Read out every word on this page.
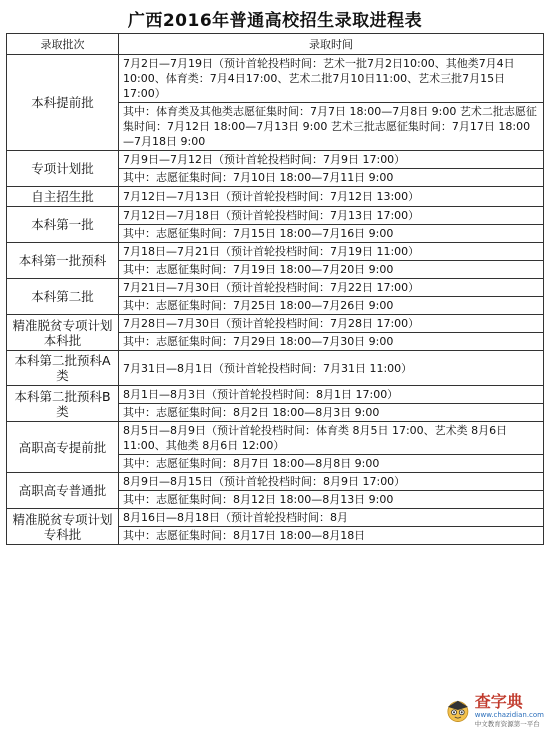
广西2016年普通高校招生录取进程表
录取批次	录取时间
本科提前批	7月2日—7月19日（预计首轮投档时间：艺术一批7月2日10:00、其他类7月4日10:00、体育类：7月4日17:00、艺术二批7月10日11:00、艺术三批7月15日17:00）
	其中：体育类及其他类志愿征集时间：7月7日 18:00—7月8日 9:00 艺术二批志愿征集时间：7月12日 18:00—7月13日 9:00 艺术三批志愿征集时间：7月17日 18:00—7月18日 9:00
专项计划批	7月9日—7月12日（预计首轮投档时间：7月9日 17:00）
	其中：志愿征集时间：7月10日 18:00—7月11日 9:00
自主招生批	7月12日—7月13日（预计首轮投档时间：7月12日 13:00）
本科第一批	7月12日—7月18日（预计首轮投档时间：7月13日 17:00）
	其中：志愿征集时间：7月15日 18:00—7月16日 9:00
本科第一批预科	7月18日—7月21日（预计首轮投档时间：7月19日 11:00）
	其中：志愿征集时间：7月19日 18:00—7月20日 9:00
本科第二批	7月21日—7月30日（预计首轮投档时间：7月22日 17:00）
	其中：志愿征集时间：7月25日 18:00—7月26日 9:00
精准脱贫专项计划本科批	7月28日—7月30日（预计首轮投档时间：7月28日 17:00）
	其中：志愿征集时间：7月29日 18:00—7月30日 9:00
本科第二批预科A类	7月31日—8月1日（预计首轮投档时间：7月31日 11:00）
本科第二批预科B类	8月1日—8月3日（预计首轮投档时间：8月1日 17:00）
	其中：志愿征集时间：8月2日 18:00—8月3日 9:00
高职高专提前批	8月5日—8月9日（预计首轮投档时间：体育类 8月5日 17:00、艺术类 8月6日 11:00、其他类 8月6日 12:00）
	其中：志愿征集时间：8月7日 18:00—8月8日 9:00
高职高专普通批	8月9日—8月15日（预计首轮投档时间：8月9日 17:00）
	其中：志愿征集时间：8月12日 18:00—8月13日 9:00
精准脱贫专项计划专科批	8月16日—8月18日（预计首轮投档时间：8月
	其中：志愿征集时间：8月17日 18:00—8月18日
查字典
www.chazidian.com
中文教育资源第一平台
